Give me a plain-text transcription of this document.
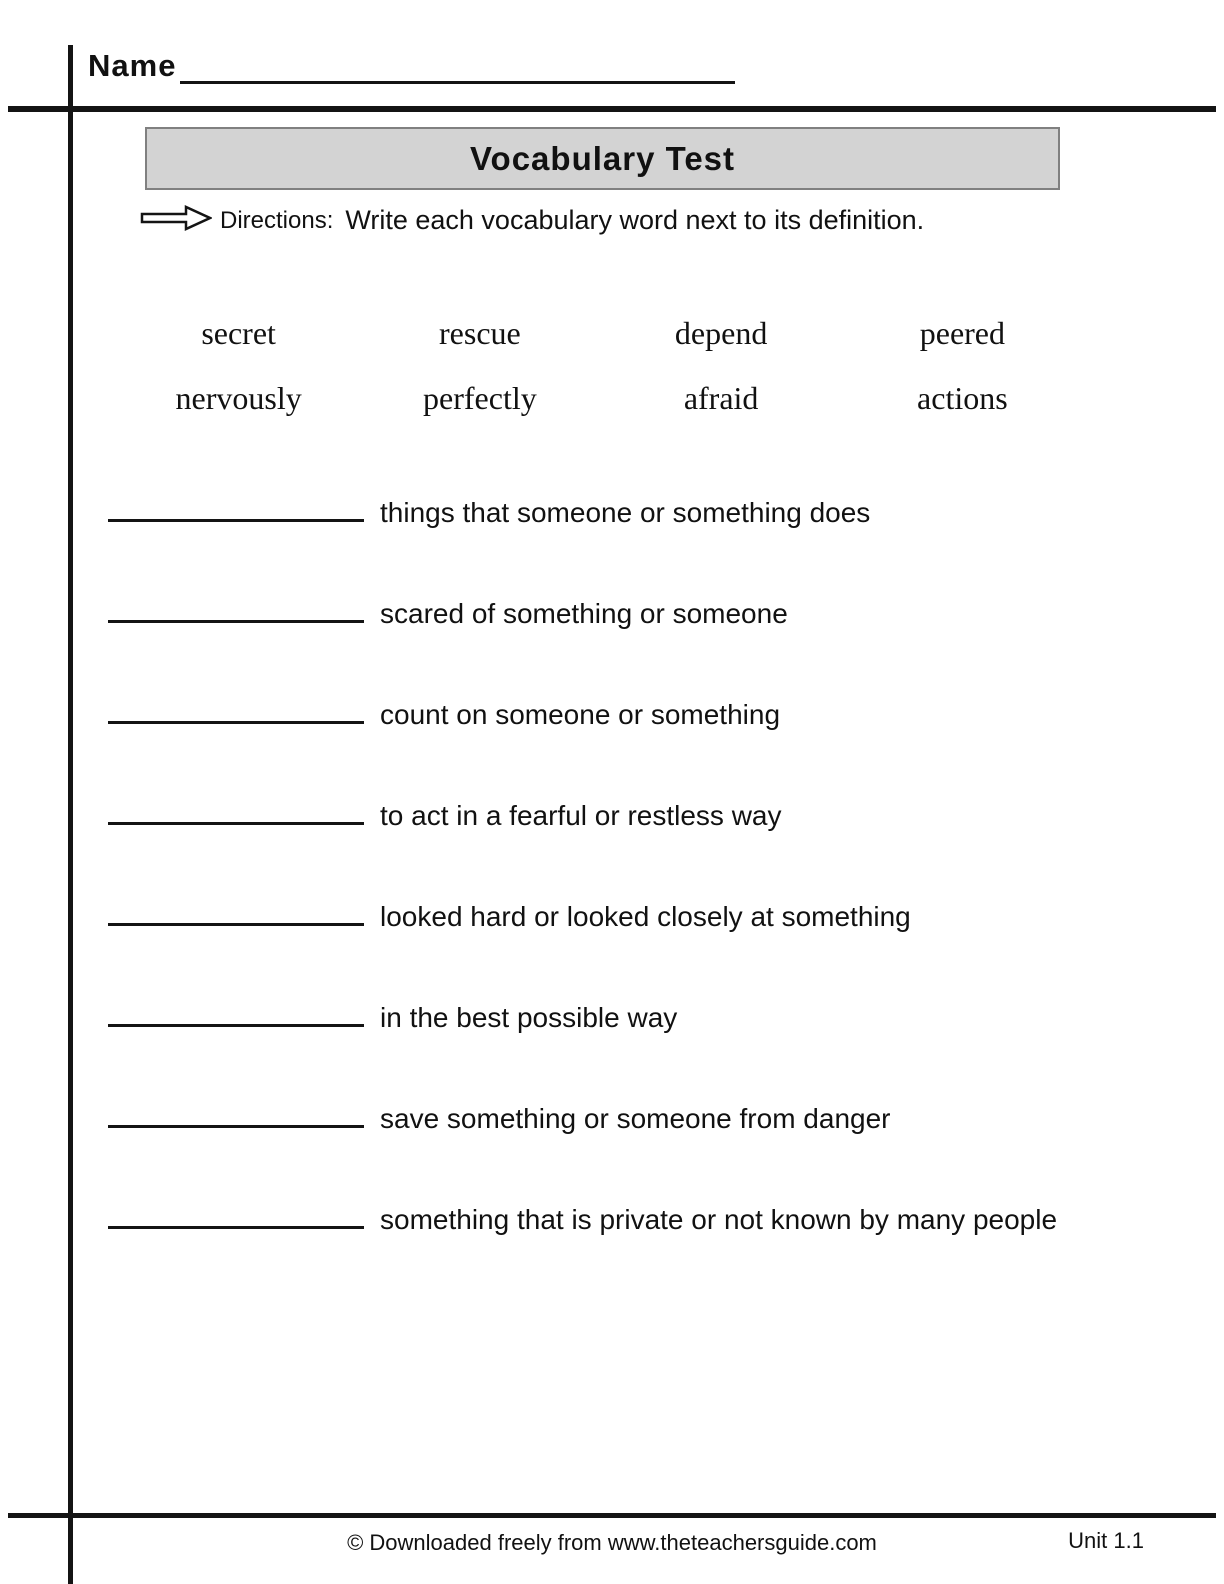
Name
Vocabulary Test
Directions: Write each vocabulary word next to its definition.
secret	rescue	depend	peered
nervously	perfectly	afraid	actions
things that someone or something does
scared of something or someone
count on someone or something
to act in a fearful or restless way
looked hard or looked closely at something
in the best possible way
save something or someone from danger
something that is private or not known by many people
© Downloaded freely from www.theteachersguide.com	Unit 1.1
